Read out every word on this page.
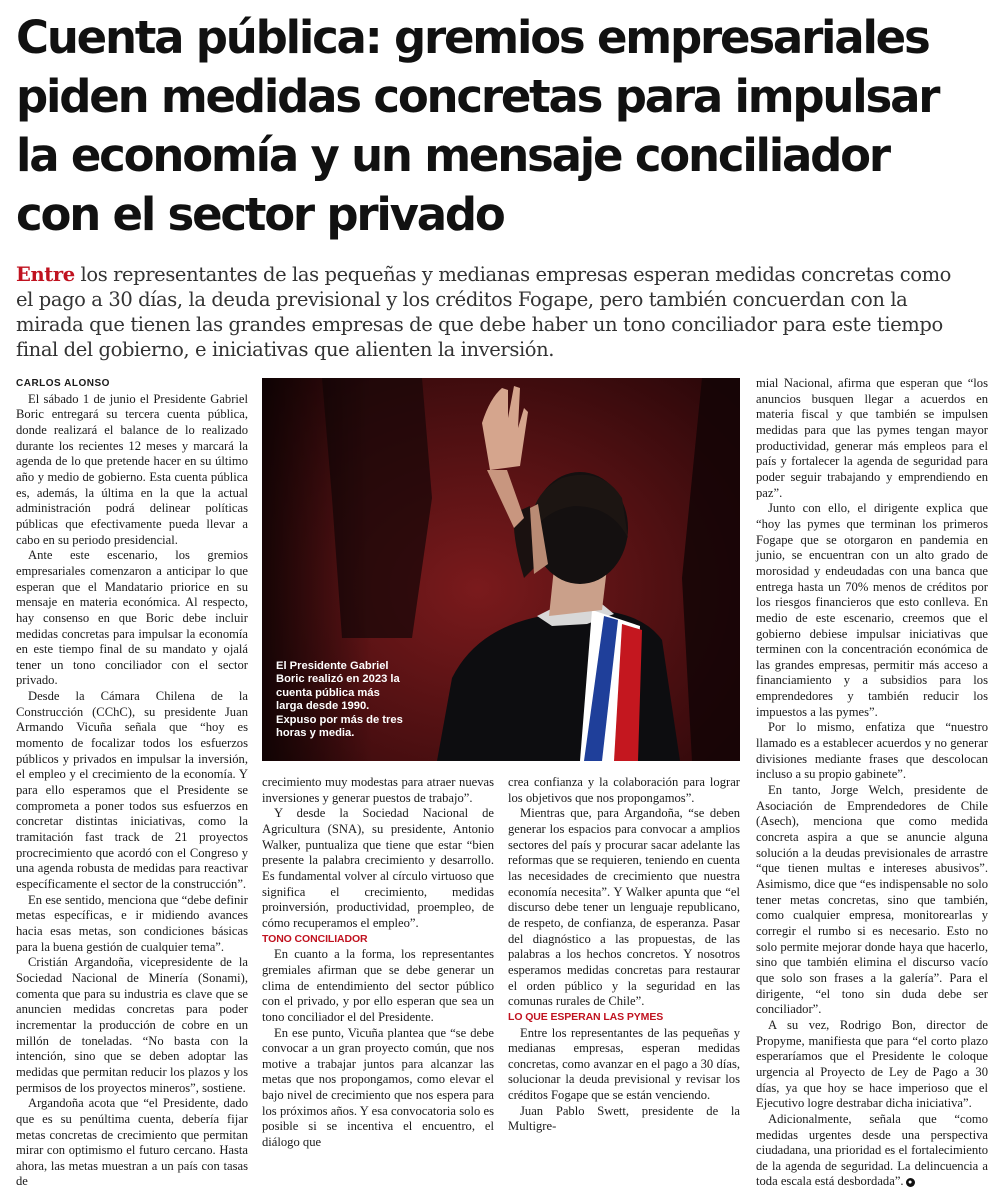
Cuenta pública: gremios empresariales
piden medidas concretas para impulsar
la economía y un mensaje conciliador
con el sector privado
Entre los representantes de las pequeñas y medianas empresas esperan medidas concretas como
el pago a 30 días, la deuda previsional y los créditos Fogape, pero también concuerdan con la
mirada que tienen las grandes empresas de que debe haber un tono conciliador para este tiempo
final del gobierno, e iniciativas que alienten la inversión.

CARLOS ALONSO

El sábado 1 de junio el Presidente Gabriel Boric entregará su tercera cuenta pública, donde realizará el balance de lo realizado durante los recientes 12 meses y marcará la agenda de lo que pretende hacer en su último año y medio de gobierno. Esta cuenta pública es, además, la última en la que la actual administración podrá delinear políticas públicas que efectivamente pueda llevar a cabo en su periodo presidencial.

Ante este escenario, los gremios empresariales comenzaron a anticipar lo que esperan que el Mandatario priorice en su mensaje en materia económica. Al respecto, hay consenso en que Boric debe incluir medidas concretas para impulsar la economía en este tiempo final de su mandato y ojalá tener un tono conciliador con el sector privado.

Desde la Cámara Chilena de la Construcción (CChC), su presidente Juan Armando Vicuña señala que “hoy es momento de focalizar todos los esfuerzos públicos y privados en impulsar la inversión, el empleo y el crecimiento de la economía. Y para ello esperamos que el Presidente se comprometa a poner todos sus esfuerzos en concretar distintas iniciativas, como la tramitación fast track de 21 proyectos procrecimiento que acordó con el Congreso y una agenda robusta de medidas para reactivar específicamente el sector de la construcción”.

En ese sentido, menciona que “debe definir metas específicas, e ir midiendo avances hacia esas metas, son condiciones básicas para la buena gestión de cualquier tema”.

Cristián Argandoña, vicepresidente de la Sociedad Nacional de Minería (Sonami), comenta que para su industria es clave que se anuncien medidas concretas para poder incrementar la producción de cobre en un millón de toneladas. “No basta con la intención, sino que se deben adoptar las medidas que permitan reducir los plazos y los permisos de los proyectos mineros”, sostiene.

Argandoña acota que “el Presidente, dado que es su penúltima cuenta, debería fijar metas concretas de crecimiento que permitan mirar con optimismo el futuro cercano. Hasta ahora, las metas muestran a un país con tasas de

El Presidente Gabriel Boric realizó en 2023 la cuenta pública más larga desde 1990. Expuso por más de tres horas y media.

crecimiento muy modestas para atraer nuevas inversiones y generar puestos de trabajo”.

Y desde la Sociedad Nacional de Agricultura (SNA), su presidente, Antonio Walker, puntualiza que tiene que estar “bien presente la palabra crecimiento y desarrollo. Es fundamental volver al círculo virtuoso que significa el crecimiento, medidas proinversión, productividad, proempleo, de cómo recuperamos el empleo”.

TONO CONCILIADOR

En cuanto a la forma, los representantes gremiales afirman que se debe generar un clima de entendimiento del sector público con el privado, y por ello esperan que sea un tono conciliador el del Presidente.

En ese punto, Vicuña plantea que “se debe convocar a un gran proyecto común, que nos motive a trabajar juntos para alcanzar las metas que nos propongamos, como elevar el bajo nivel de crecimiento que nos espera para los próximos años. Y esa convocatoria solo es posible si se incentiva el encuentro, el diálogo que

crea confianza y la colaboración para lograr los objetivos que nos propongamos”.

Mientras que, para Argandoña, “se deben generar los espacios para convocar a amplios sectores del país y procurar sacar adelante las reformas que se requieren, teniendo en cuenta las necesidades de crecimiento que nuestra economía necesita”. Y Walker apunta que “el discurso debe tener un lenguaje republicano, de respeto, de confianza, de esperanza. Pasar del diagnóstico a las propuestas, de las palabras a los hechos concretos. Y nosotros esperamos medidas concretas para restaurar el orden público y la seguridad en las comunas rurales de Chile”.

LO QUE ESPERAN LAS PYMES

Entre los representantes de las pequeñas y medianas empresas, esperan medidas concretas, como avanzar en el pago a 30 días, solucionar la deuda previsional y revisar los créditos Fogape que se están venciendo.

Juan Pablo Swett, presidente de la Multigre-

mial Nacional, afirma que esperan que “los anuncios busquen llegar a acuerdos en materia fiscal y que también se impulsen medidas para que las pymes tengan mayor productividad, generar más empleos para el país y fortalecer la agenda de seguridad para poder seguir trabajando y emprendiendo en paz”.

Junto con ello, el dirigente explica que “hoy las pymes que terminan los primeros Fogape que se otorgaron en pandemia en junio, se encuentran con un alto grado de morosidad y endeudadas con una banca que entrega hasta un 70% menos de créditos por los riesgos financieros que esto conlleva. En medio de este escenario, creemos que el gobierno debiese impulsar iniciativas que terminen con la concentración económica de las grandes empresas, permitir más acceso a financiamiento y a subsidios para los emprendedores y también reducir los impuestos a las pymes”.

Por lo mismo, enfatiza que “nuestro llamado es a establecer acuerdos y no generar divisiones mediante frases que descolocan incluso a su propio gabinete”.

En tanto, Jorge Welch, presidente de Asociación de Emprendedores de Chile (Asech), menciona que como medida concreta aspira a que se anuncie alguna solución a la deudas previsionales de arrastre “que tienen multas e intereses abusivos”. Asimismo, dice que “es indispensable no solo tener metas concretas, sino que también, como cualquier empresa, monitorearlas y corregir el rumbo si es necesario. Esto no solo permite mejorar donde haya que hacerlo, sino que también elimina el discurso vacío que solo son frases a la galería”. Para el dirigente, “el tono sin duda debe ser conciliador”.

A su vez, Rodrigo Bon, director de Propyme, manifiesta que para “el corto plazo esperaríamos que el Presidente le coloque urgencia al Proyecto de Ley de Pago a 30 días, ya que hoy se hace imperioso que el Ejecutivo logre destrabar dicha iniciativa”.

Adicionalmente, señala que “como medidas urgentes desde una perspectiva ciudadana, una prioridad es el fortalecimiento de la agenda de seguridad. La delincuencia a toda escala está desbordada”. ●
